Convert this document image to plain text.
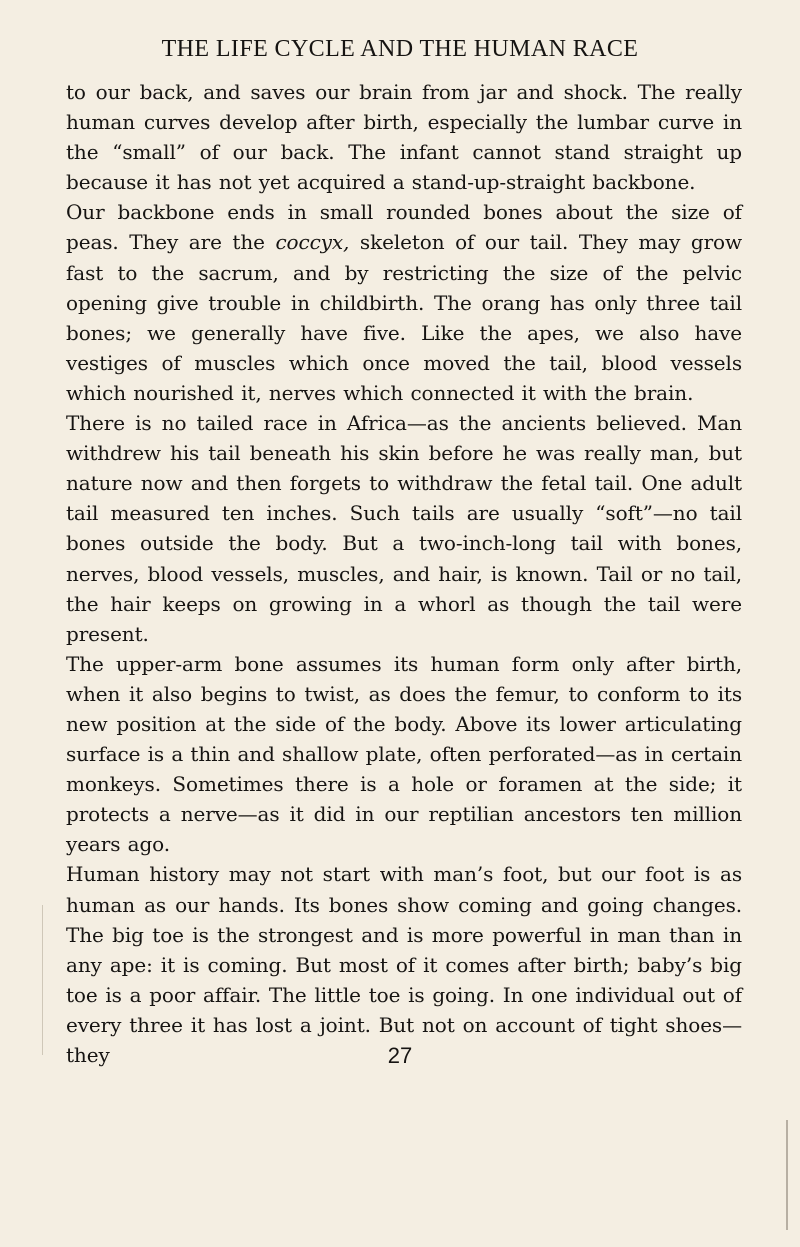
THE LIFE CYCLE AND THE HUMAN RACE

to our back, and saves our brain from jar and shock. The really human curves develop after birth, especially the lumbar curve in the “small” of our back. The infant cannot stand straight up because it has not yet acquired a stand-up-straight backbone.

Our backbone ends in small rounded bones about the size of peas. They are the coccyx, skeleton of our tail. They may grow fast to the sacrum, and by restricting the size of the pelvic opening give trouble in childbirth. The orang has only three tail bones; we generally have five. Like the apes, we also have vestiges of muscles which once moved the tail, blood vessels which nourished it, nerves which connected it with the brain.

There is no tailed race in Africa—as the ancients believed. Man withdrew his tail beneath his skin before he was really man, but nature now and then forgets to withdraw the fetal tail. One adult tail measured ten inches. Such tails are usually “soft”—no tail bones outside the body. But a two-inch-long tail with bones, nerves, blood vessels, muscles, and hair, is known. Tail or no tail, the hair keeps on growing in a whorl as though the tail were present.

The upper-arm bone assumes its human form only after birth, when it also begins to twist, as does the femur, to conform to its new position at the side of the body. Above its lower articulating surface is a thin and shallow plate, often perforated—as in certain monkeys. Sometimes there is a hole or foramen at the side; it protects a nerve—as it did in our reptilian ancestors ten million years ago.

Human history may not start with man’s foot, but our foot is as human as our hands. Its bones show coming and going changes. The big toe is the strongest and is more powerful in man than in any ape: it is coming. But most of it comes after birth; baby’s big toe is a poor affair. The little toe is going. In one individual out of every three it has lost a joint. But not on account of tight shoes—they	27
